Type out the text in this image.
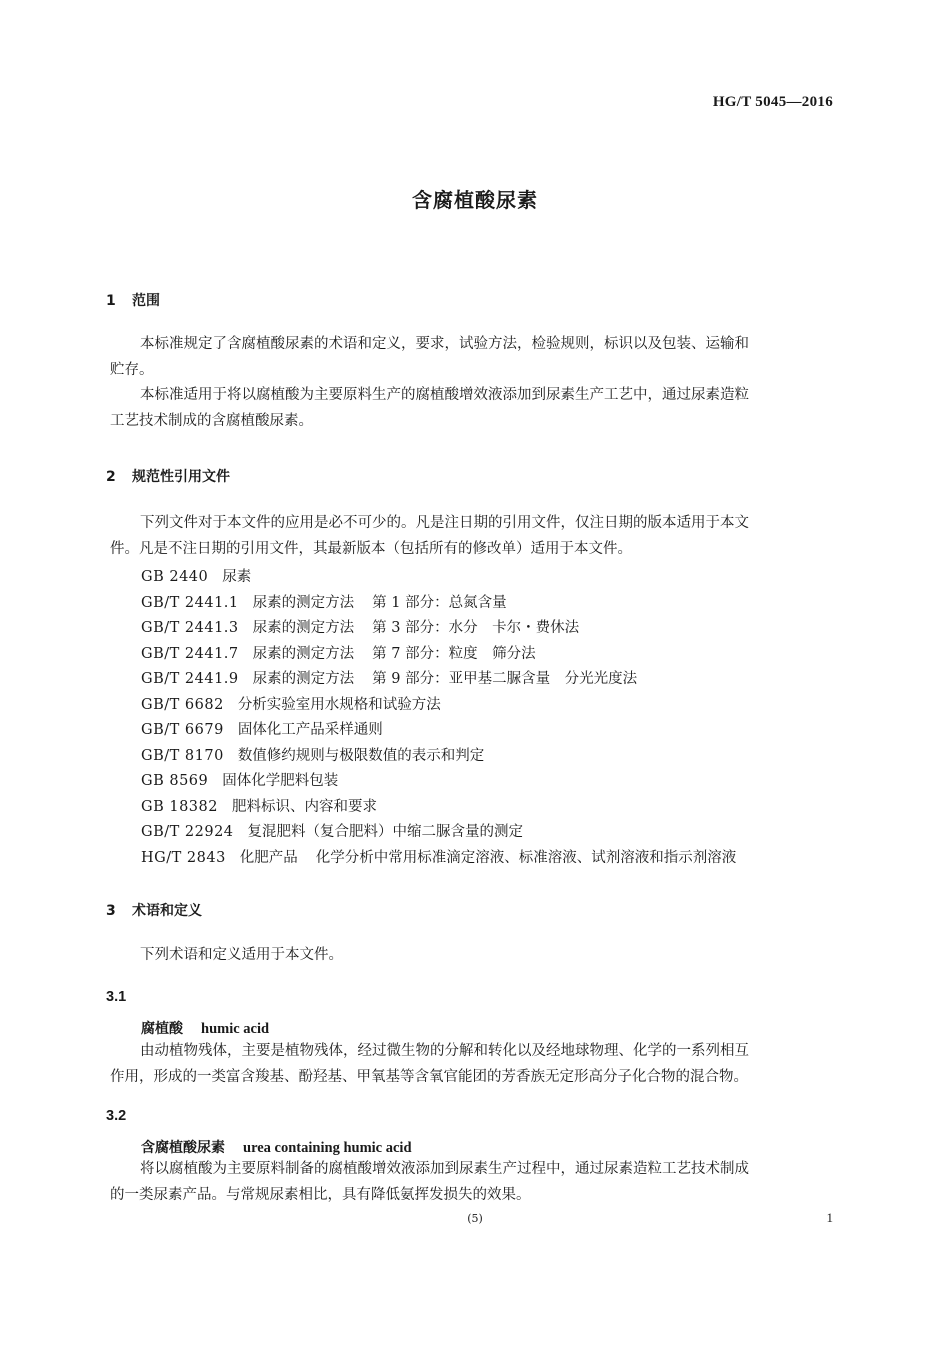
HG/T 5045—2016
含腐植酸尿素
1 范围
本标准规定了含腐植酸尿素的术语和定义，要求，试验方法，检验规则，标识以及包装、运输和
贮存。
本标准适用于将以腐植酸为主要原料生产的腐植酸增效液添加到尿素生产工艺中，通过尿素造粒
工艺技术制成的含腐植酸尿素。
2 规范性引用文件
下列文件对于本文件的应用是必不可少的。凡是注日期的引用文件，仅注日期的版本适用于本文
件。凡是不注日期的引用文件，其最新版本（包括所有的修改单）适用于本文件。
GB 2440 尿素
GB/T 2441.1 尿素的测定方法 第 1 部分：总氮含量
GB/T 2441.3 尿素的测定方法 第 3 部分：水分　卡尔・费休法
GB/T 2441.7 尿素的测定方法 第 7 部分：粒度　筛分法
GB/T 2441.9 尿素的测定方法 第 9 部分：亚甲基二脲含量　分光光度法
GB/T 6682 分析实验室用水规格和试验方法
GB/T 6679 固体化工产品采样通则
GB/T 8170 数值修约规则与极限数值的表示和判定
GB 8569 固体化学肥料包装
GB 18382 肥料标识、内容和要求
GB/T 22924 复混肥料（复合肥料）中缩二脲含量的测定
HG/T 2843 化肥产品 化学分析中常用标准滴定溶液、标准溶液、试剂溶液和指示剂溶液
3 术语和定义
下列术语和定义适用于本文件。
3.1
腐植酸 humic acid
由动植物残体，主要是植物残体，经过微生物的分解和转化以及经地球物理、化学的一系列相互
作用，形成的一类富含羧基、酚羟基、甲氧基等含氧官能团的芳香族无定形高分子化合物的混合物。
3.2
含腐植酸尿素 urea containing humic acid
将以腐植酸为主要原料制备的腐植酸增效液添加到尿素生产过程中，通过尿素造粒工艺技术制成
的一类尿素产品。与常规尿素相比，具有降低氨挥发损失的效果。
(5)	1
